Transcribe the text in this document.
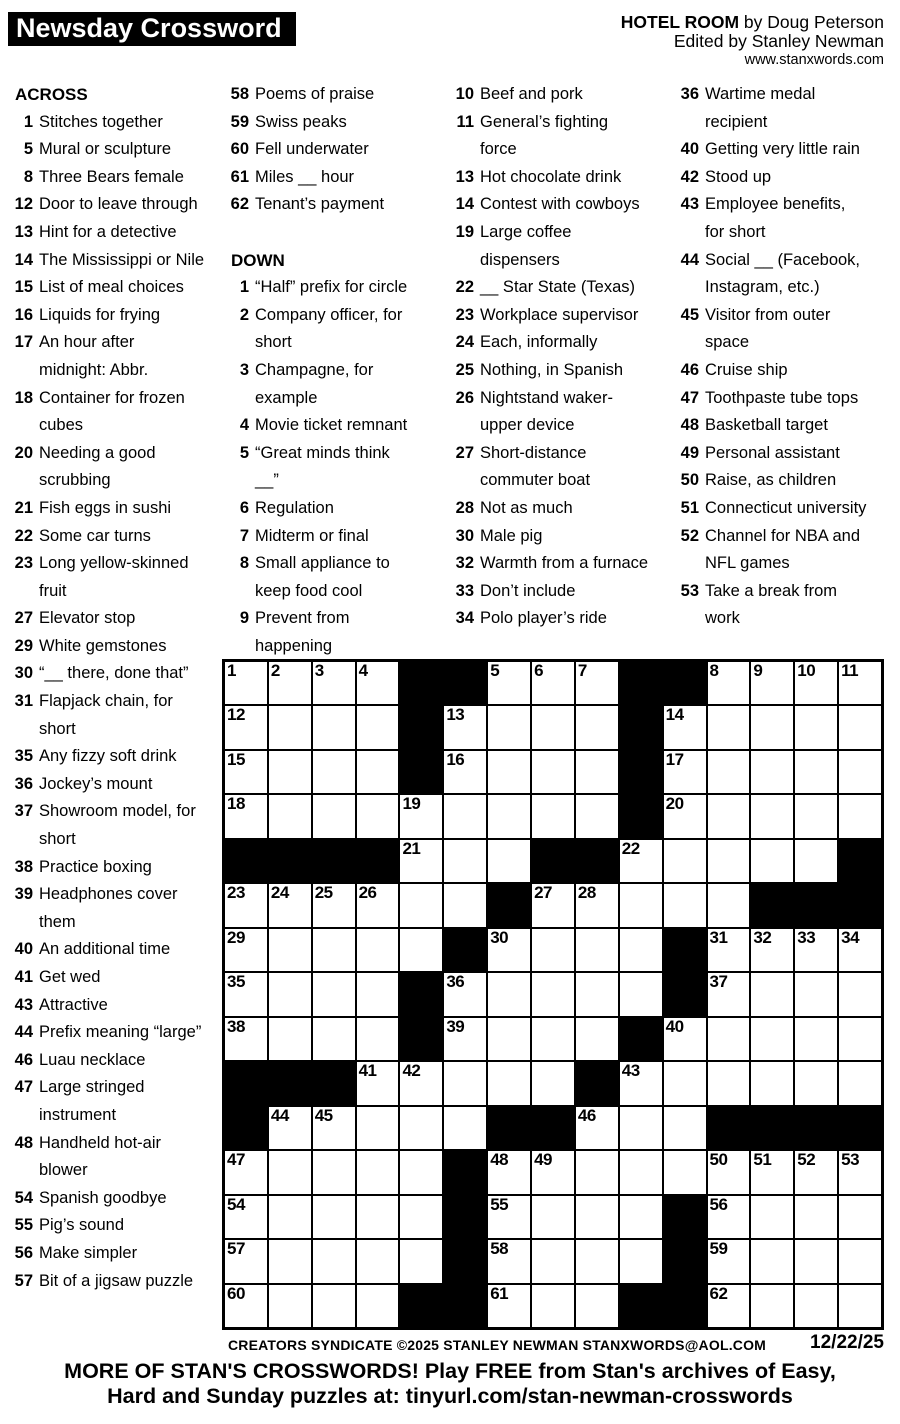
Newsday Crossword	HOTEL ROOM by Doug Peterson
Edited by Stanley Newman
www.stanxwords.com
ACROSS
1 Stitches together
5 Mural or sculpture
8 Three Bears female
12 Door to leave through
13 Hint for a detective
14 The Mississippi or Nile
15 List of meal choices
16 Liquids for frying
17 An hour after midnight: Abbr.
18 Container for frozen cubes
20 Needing a good scrubbing
21 Fish eggs in sushi
22 Some car turns
23 Long yellow-skinned fruit
27 Elevator stop
29 White gemstones
30 “__ there, done that”
31 Flapjack chain, for short
35 Any fizzy soft drink
36 Jockey’s mount
37 Showroom model, for short
38 Practice boxing
39 Headphones cover them
40 An additional time
41 Get wed
43 Attractive
44 Prefix meaning “large”
46 Luau necklace
47 Large stringed instrument
48 Handheld hot-air blower
54 Spanish goodbye
55 Pig’s sound
56 Make simpler
57 Bit of a jigsaw puzzle
58 Poems of praise
59 Swiss peaks
60 Fell underwater
61 Miles __ hour
62 Tenant’s payment
DOWN
1 “Half” prefix for circle
2 Company officer, for short
3 Champagne, for example
4 Movie ticket remnant
5 “Great minds think __”
6 Regulation
7 Midterm or final
8 Small appliance to keep food cool
9 Prevent from happening
10 Beef and pork
11 General’s fighting force
13 Hot chocolate drink
14 Contest with cowboys
19 Large coffee dispensers
22 __ Star State (Texas)
23 Workplace supervisor
24 Each, informally
25 Nothing, in Spanish
26 Nightstand waker-upper device
27 Short-distance commuter boat
28 Not as much
30 Male pig
32 Warmth from a furnace
33 Don’t include
34 Polo player’s ride
36 Wartime medal recipient
40 Getting very little rain
42 Stood up
43 Employee benefits, for short
44 Social __ (Facebook, Instagram, etc.)
45 Visitor from outer space
46 Cruise ship
47 Toothpaste tube tops
48 Basketball target
49 Personal assistant
50 Raise, as children
51 Connecticut university
52 Channel for NBA and NFL games
53 Take a break from work
1 2 3 4	5 6 7	8 9 10 11
12	13	14
15	16	17
18	19	20
21	22
23 24 25 26	27 28
29	30	31 32 33 34
35	36	37
38	39	40
41 42	43
44 45	46
47	48 49	50 51 52 53
54	55	56
57	58	59
60	61	62
CREATORS SYNDICATE ©2025 STANLEY NEWMAN STANXWORDS@AOL.COM 12/22/25
MORE OF STAN'S CROSSWORDS! Play FREE from Stan's archives of Easy,
Hard and Sunday puzzles at: tinyurl.com/stan-newman-crosswords
